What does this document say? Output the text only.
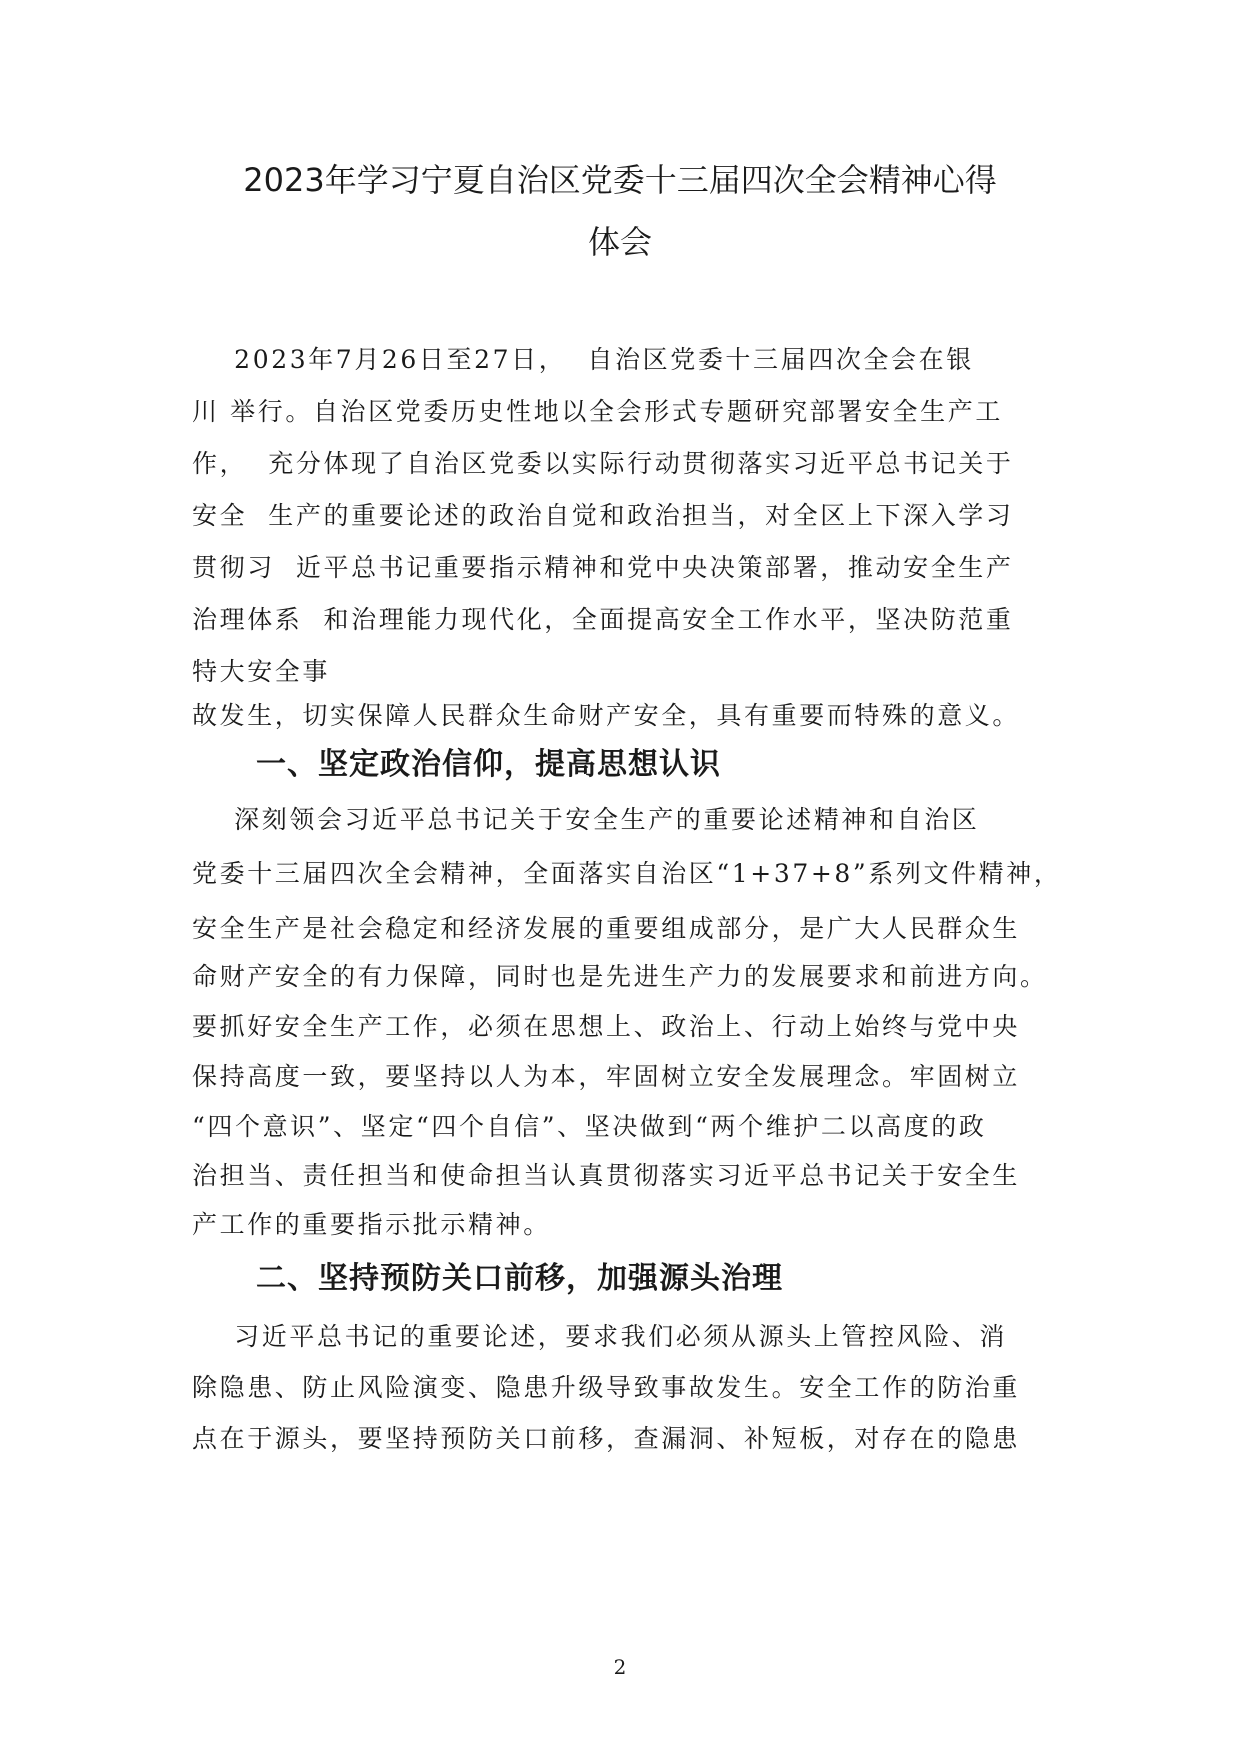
2023年学习宁夏自治区党委十三届四次全会精神心得
体会
2023年7月26日至27日，  自治区党委十三届四次全会在银
川 举行。自治区党委历史性地以全会形式专题研究部署安全生产工
作，  充分体现了自治区党委以实际行动贯彻落实习近平总书记关于
安全  生产的重要论述的政治自觉和政治担当，对全区上下深入学习
贯彻习  近平总书记重要指示精神和党中央决策部署，推动安全生产
治理体系  和治理能力现代化，全面提高安全工作水平，坚决防范重
特大安全事
故发生，切实保障人民群众生命财产安全，具有重要而特殊的意义。
一、坚定政治信仰，提高思想认识
深刻领会习近平总书记关于安全生产的重要论述精神和自治区
党委十三届四次全会精神，全面落实自治区“1+37+8”系列文件精神，
安全生产是社会稳定和经济发展的重要组成部分，是广大人民群众生
命财产安全的有力保障，同时也是先进生产力的发展要求和前进方向。
要抓好安全生产工作，必须在思想上、政治上、行动上始终与党中央
保持高度一致，要坚持以人为本，牢固树立安全发展理念。牢固树立
“四个意识”、坚定“四个自信”、坚决做到“两个维护二以高度的政
治担当、责任担当和使命担当认真贯彻落实习近平总书记关于安全生
产工作的重要指示批示精神。
二、坚持预防关口前移，加强源头治理
习近平总书记的重要论述，要求我们必须从源头上管控风险、消
除隐患、防止风险演变、隐患升级导致事故发生。安全工作的防治重
点在于源头，要坚持预防关口前移，查漏洞、补短板，对存在的隐患
2
